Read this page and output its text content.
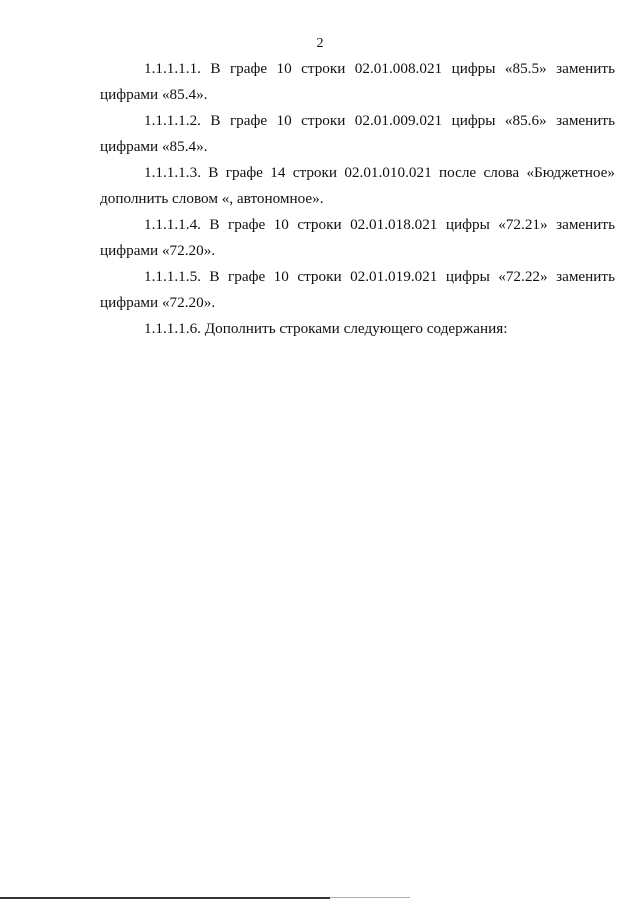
2

1.1.1.1.1. В графе 10 строки 02.01.008.021 цифры «85.5» заменить цифрами «85.4».

1.1.1.1.2. В графе 10 строки 02.01.009.021 цифры «85.6» заменить цифрами «85.4».

1.1.1.1.3. В графе 14 строки 02.01.010.021 после слова «Бюджетное» дополнить словом «, автономное».

1.1.1.1.4. В графе 10 строки 02.01.018.021 цифры «72.21» заменить цифрами «72.20».

1.1.1.1.5. В графе 10 строки 02.01.019.021 цифры «72.22» заменить цифрами «72.20».

1.1.1.1.6. Дополнить строками следующего содержания:
